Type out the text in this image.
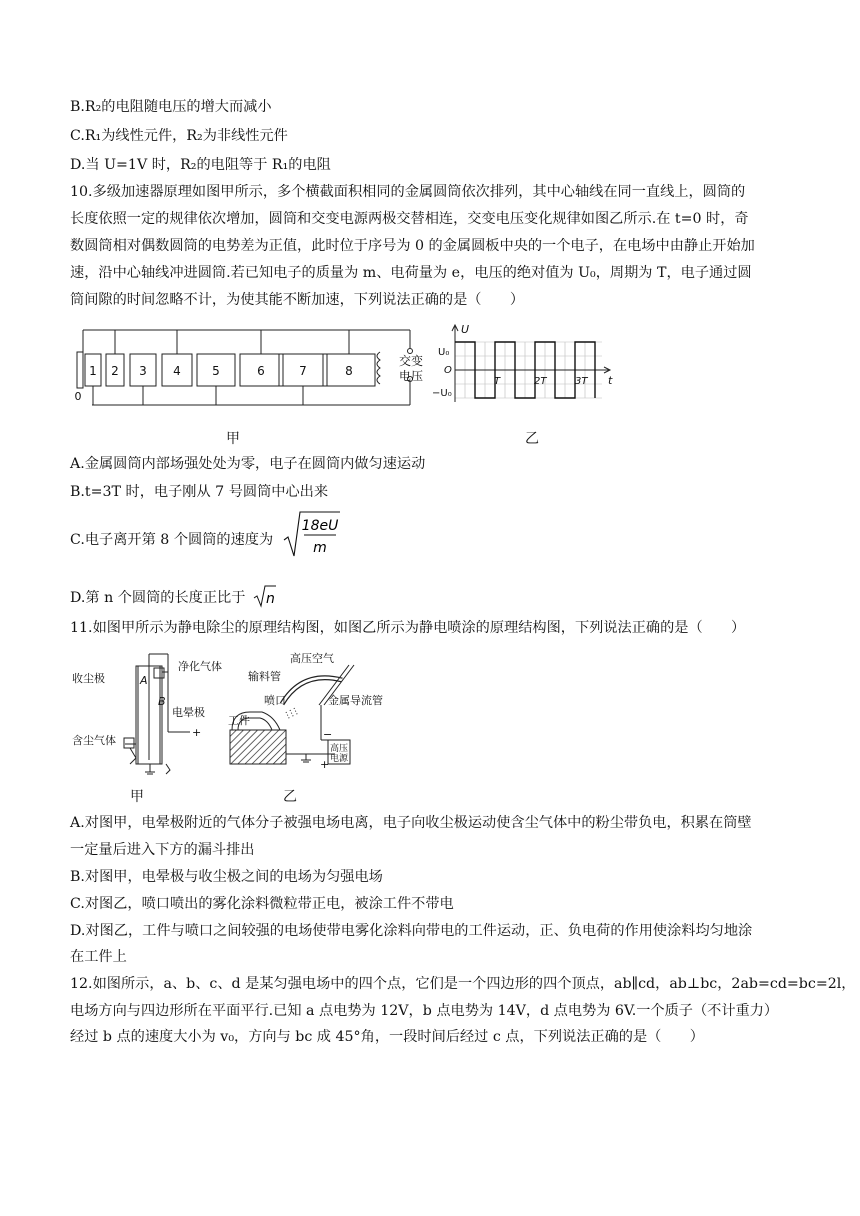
B.R₂的电阻随电压的增大而减小
C.R₁为线性元件，R₂为非线性元件
D.当 U=1V 时，R₂的电阻等于 R₁的电阻
10.多级加速器原理如图甲所示，多个横截面积相同的金属圆筒依次排列，其中心轴线在同一直线上，圆筒的
长度依照一定的规律依次增加，圆筒和交变电源两极交替相连，交变电压变化规律如图乙所示.在 t=0 时，奇
数圆筒相对偶数圆筒的电势差为正值，此时位于序号为 0 的金属圆板中央的一个电子，在电场中由静止开始加
速，沿中心轴线冲进圆筒.若已知电子的质量为 m、电荷量为 e，电压的绝对值为 U₀，周期为 T，电子通过圆
筒间隙的时间忽略不计，为使其能不断加速，下列说法正确的是（　　）
1 2 3 4	5	6	7	8
0
交变
电压
U
t
U₀
O
−U₀
T	2T	3T
甲	乙
A.金属圆筒内部场强处处为零，电子在圆筒内做匀速运动
B.t=3T 时，电子刚从 7 号圆筒中心出来
C.电子离开第 8 个圆筒的速度为
18eU
m
D.第 n 个圆筒的长度正比于 n
11.如图甲所示为静电除尘的原理结构图，如图乙所示为静电喷涂的原理结构图，下列说法正确的是（　　）
收尘极
净化气体
A
B
电晕极
含尘气体
+
高压空气
输料管
喷口	金属导流管
工件
高压
电源
−
+
甲	乙
A.对图甲，电晕极附近的气体分子被强电场电离，电子向收尘极运动使含尘气体中的粉尘带负电，积累在筒壁
一定量后进入下方的漏斗排出
B.对图甲，电晕极与收尘极之间的电场为匀强电场
C.对图乙，喷口喷出的雾化涂料微粒带正电，被涂工件不带电
D.对图乙，工件与喷口之间较强的电场使带电雾化涂料向带电的工件运动，正、负电荷的作用使涂料均匀地涂
在工件上
12.如图所示，a、b、c、d 是某匀强电场中的四个点，它们是一个四边形的四个顶点，ab∥cd，ab⊥bc，2ab=cd=bc=2l，
电场方向与四边形所在平面平行.已知 a 点电势为 12V，b 点电势为 14V，d 点电势为 6V.一个质子（不计重力）
经过 b 点的速度大小为 v₀，方向与 bc 成 45°角，一段时间后经过 c 点，下列说法正确的是（　　）
